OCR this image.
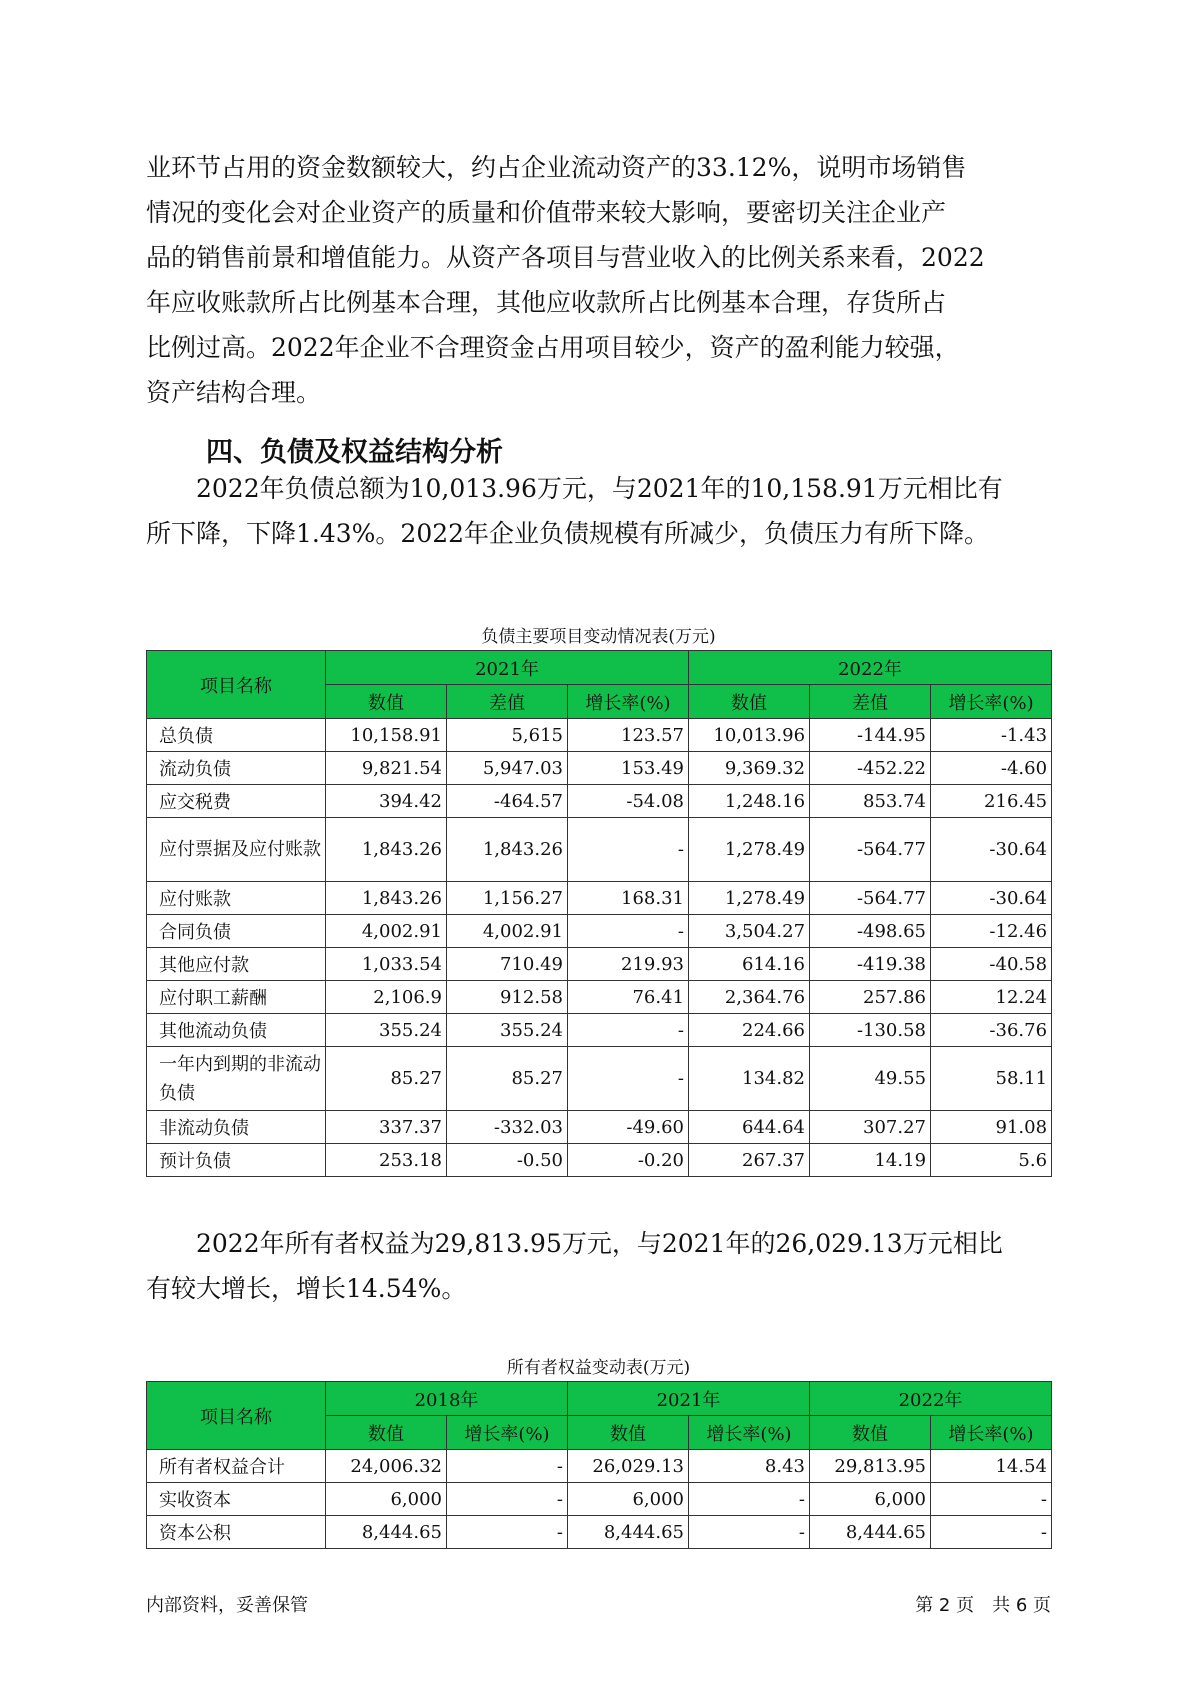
业环节占用的资金数额较大，约占企业流动资产的33.12%，说明市场销售
情况的变化会对企业资产的质量和价值带来较大影响，要密切关注企业产
品的销售前景和增值能力。从资产各项目与营业收入的比例关系来看，2022
年应收账款所占比例基本合理，其他应收款所占比例基本合理，存货所占
比例过高。2022年企业不合理资金占用项目较少，资产的盈利能力较强，
资产结构合理。
四、负债及权益结构分析
　　2022年负债总额为10,013.96万元，与2021年的10,158.91万元相比有
所下降，下降1.43%。2022年企业负债规模有所减少，负债压力有所下降。
负债主要项目变动情况表(万元)
项目名称	2021年			2022年		
	数值	差值	增长率(%)	数值	差值	增长率(%)
总负债	10,158.91	5,615	123.57	10,013.96	-144.95	-1.43
流动负债	9,821.54	5,947.03	153.49	9,369.32	-452.22	-4.60
应交税费	394.42	-464.57	-54.08	1,248.16	853.74	216.45
应付票据及应付账款	1,843.26	1,843.26	-	1,278.49	-564.77	-30.64
应付账款	1,843.26	1,156.27	168.31	1,278.49	-564.77	-30.64
合同负债	4,002.91	4,002.91	-	3,504.27	-498.65	-12.46
其他应付款	1,033.54	710.49	219.93	614.16	-419.38	-40.58
应付职工薪酬	2,106.9	912.58	76.41	2,364.76	257.86	12.24
其他流动负债	355.24	355.24	-	224.66	-130.58	-36.76
一年内到期的非流动负债	85.27	85.27	-	134.82	49.55	58.11
非流动负债	337.37	-332.03	-49.60	644.64	307.27	91.08
预计负债	253.18	-0.50	-0.20	267.37	14.19	5.6
　　2022年所有者权益为29,813.95万元，与2021年的26,029.13万元相比
有较大增长，增长14.54%。
所有者权益变动表(万元)
项目名称	2018年		2021年		2022年	
	数值	增长率(%)	数值	增长率(%)	数值	增长率(%)
所有者权益合计	24,006.32	-	26,029.13	8.43	29,813.95	14.54
实收资本	6,000	-	6,000	-	6,000	-
资本公积	8,444.65	-	8,444.65	-	8,444.65	-
内部资料，妥善保管	第 2 页　共 6 页
